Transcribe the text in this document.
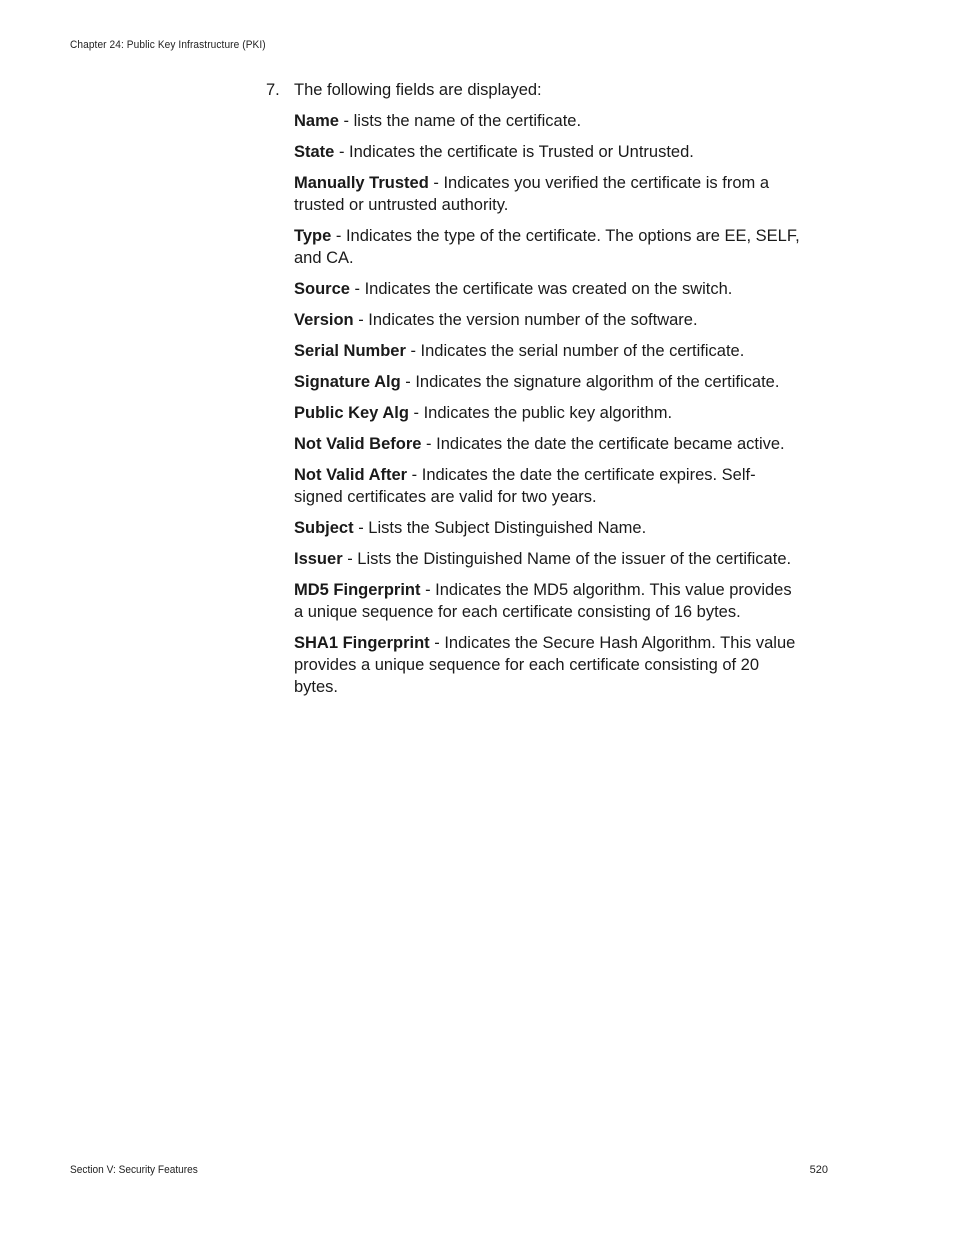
Chapter 24: Public Key Infrastructure (PKI)
7. The following fields are displayed:

Name - lists the name of the certificate.

State - Indicates the certificate is Trusted or Untrusted.

Manually Trusted - Indicates you verified the certificate is from a trusted or untrusted authority.

Type - Indicates the type of the certificate. The options are EE, SELF, and CA.

Source - Indicates the certificate was created on the switch.

Version - Indicates the version number of the software.

Serial Number - Indicates the serial number of the certificate.

Signature Alg - Indicates the signature algorithm of the certificate.

Public Key Alg - Indicates the public key algorithm.

Not Valid Before - Indicates the date the certificate became active.

Not Valid After - Indicates the date the certificate expires. Self-signed certificates are valid for two years.

Subject - Lists the Subject Distinguished Name.

Issuer - Lists the Distinguished Name of the issuer of the certificate.

MD5 Fingerprint - Indicates the MD5 algorithm. This value provides a unique sequence for each certificate consisting of 16 bytes.

SHA1 Fingerprint - Indicates the Secure Hash Algorithm. This value provides a unique sequence for each certificate consisting of 20 bytes.

Section V: Security Features	520
